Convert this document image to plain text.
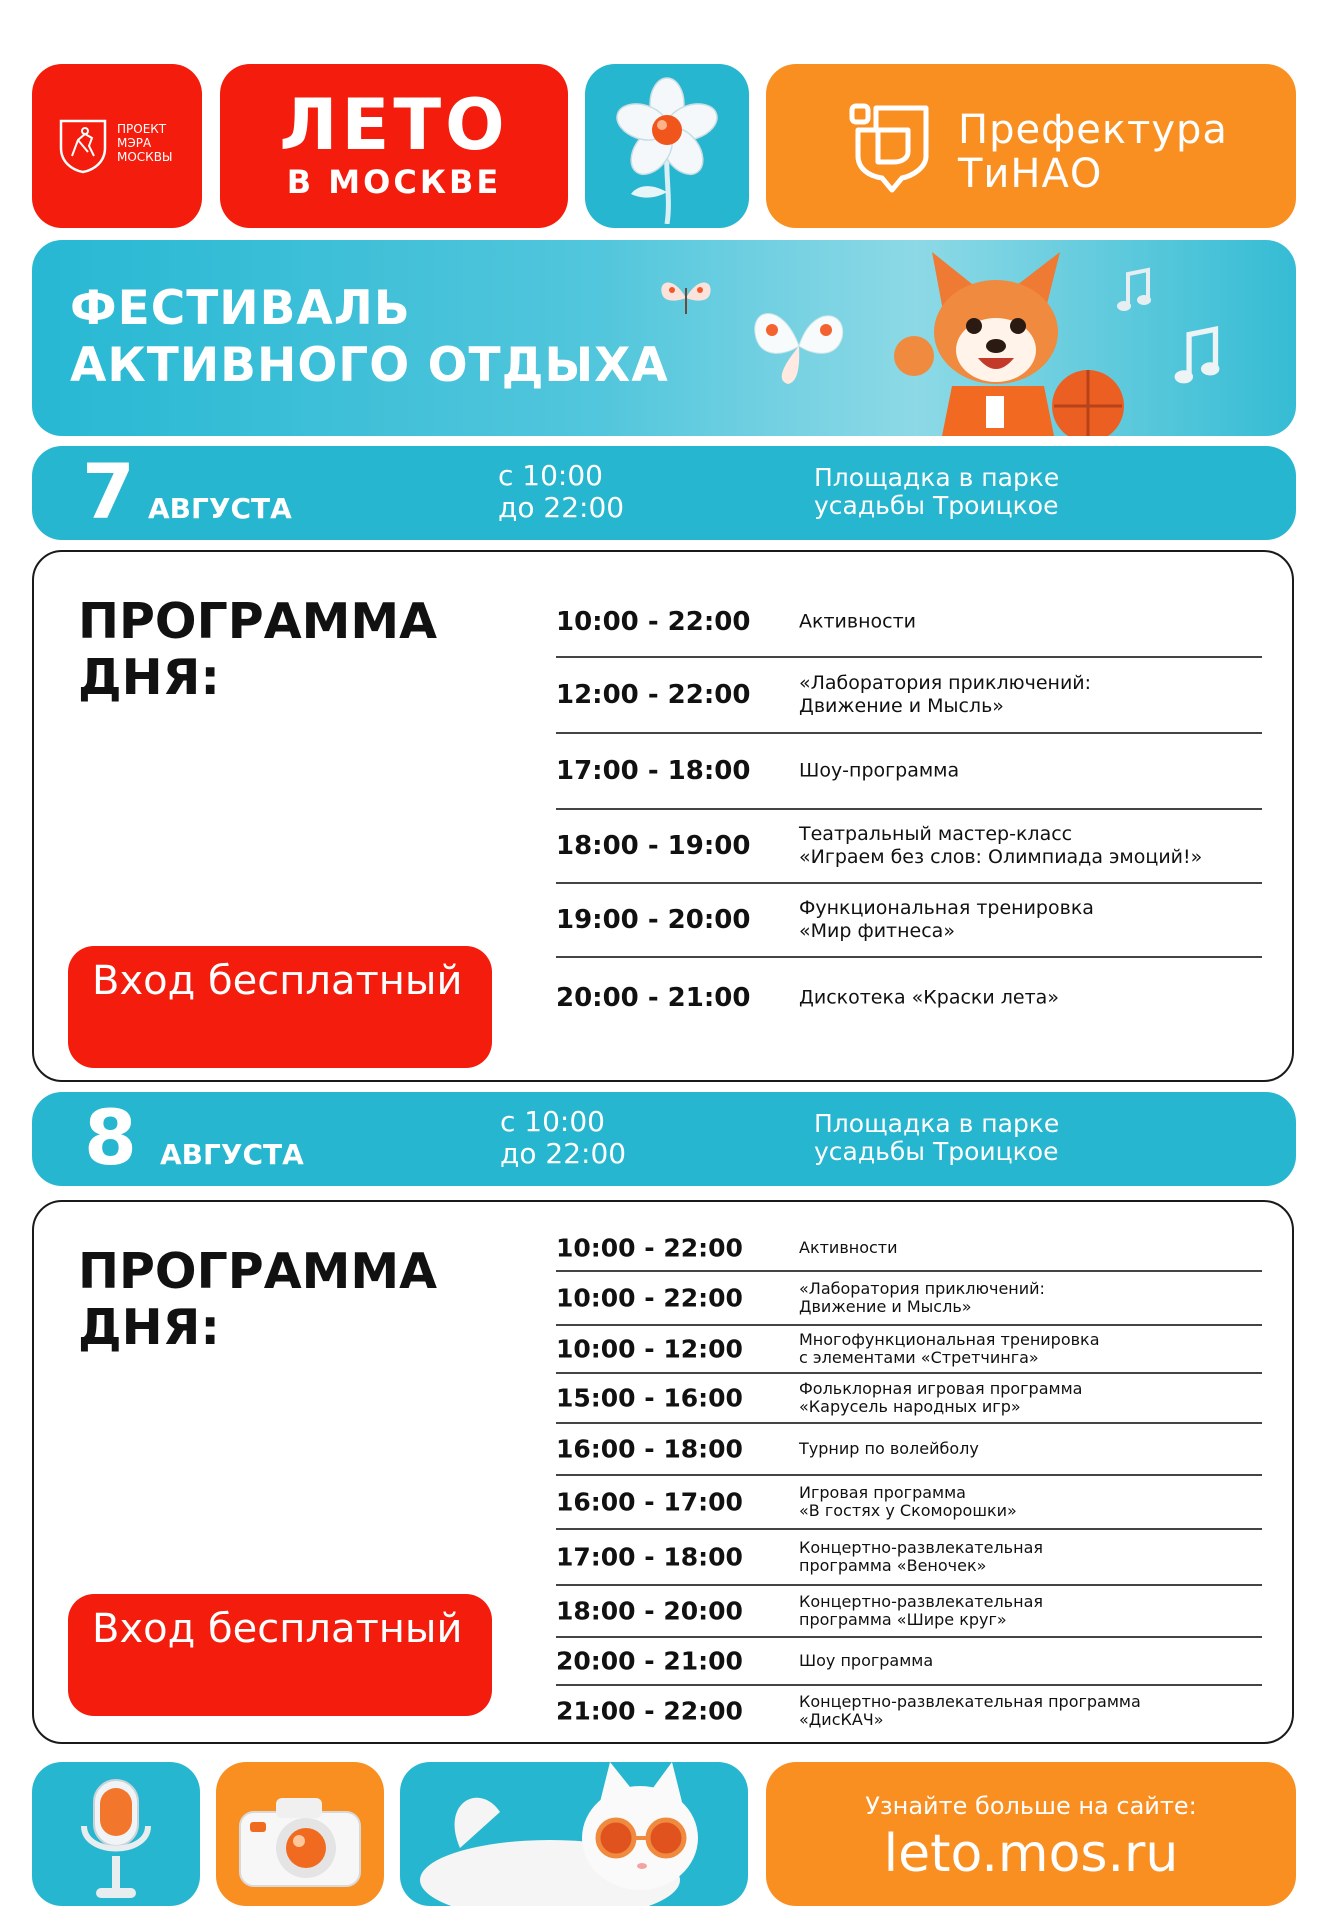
ПРОЕКТ МЭРА МОСКВЫ	ЛЕТО
В МОСКВЕ
Префектура ТиНАО
ФЕСТИВАЛЬ АКТИВНОГО ОТДЫХА
7 АВГУСТА
с 10:00
до 22:00
Площадка в парке усадьбы Троицкое
ПРОГРАММА ДНЯ:
Вход бесплатный
10:00 - 22:00	Активности
12:00 - 22:00	«Лаборатория приключений:
Движение и Мысль»
17:00 - 18:00	Шоу-программа
18:00 - 19:00	Театральный мастер-класс
«Играем без слов: Олимпиада эмоций!»
19:00 - 20:00	Функциональная тренировка
«Мир фитнеса»
20:00 - 21:00	Дискотека «Краски лета»
8 АВГУСТА
с 10:00
до 22:00
Площадка в парке усадьбы Троицкое
ПРОГРАММА ДНЯ:
Вход бесплатный
10:00 - 22:00	Активности
10:00 - 22:00	«Лаборатория приключений:
Движение и Мысль»
10:00 - 12:00	Многофункциональная тренировка
с элементами «Стретчинга»
15:00 - 16:00	Фольклорная игровая программа
«Карусель народных игр»
16:00 - 18:00	Турнир по волейболу
16:00 - 17:00	Игровая программа
«В гостях у Скоморошки»
17:00 - 18:00	Концертно-развлекательная
программа «Веночек»
18:00 - 20:00	Концертно-развлекательная
программа «Шире круг»
20:00 - 21:00	Шоу программа
21:00 - 22:00	Концертно-развлекательная программа
«ДисКАЧ»
Узнайте больше на сайте:
leto.mos.ru
